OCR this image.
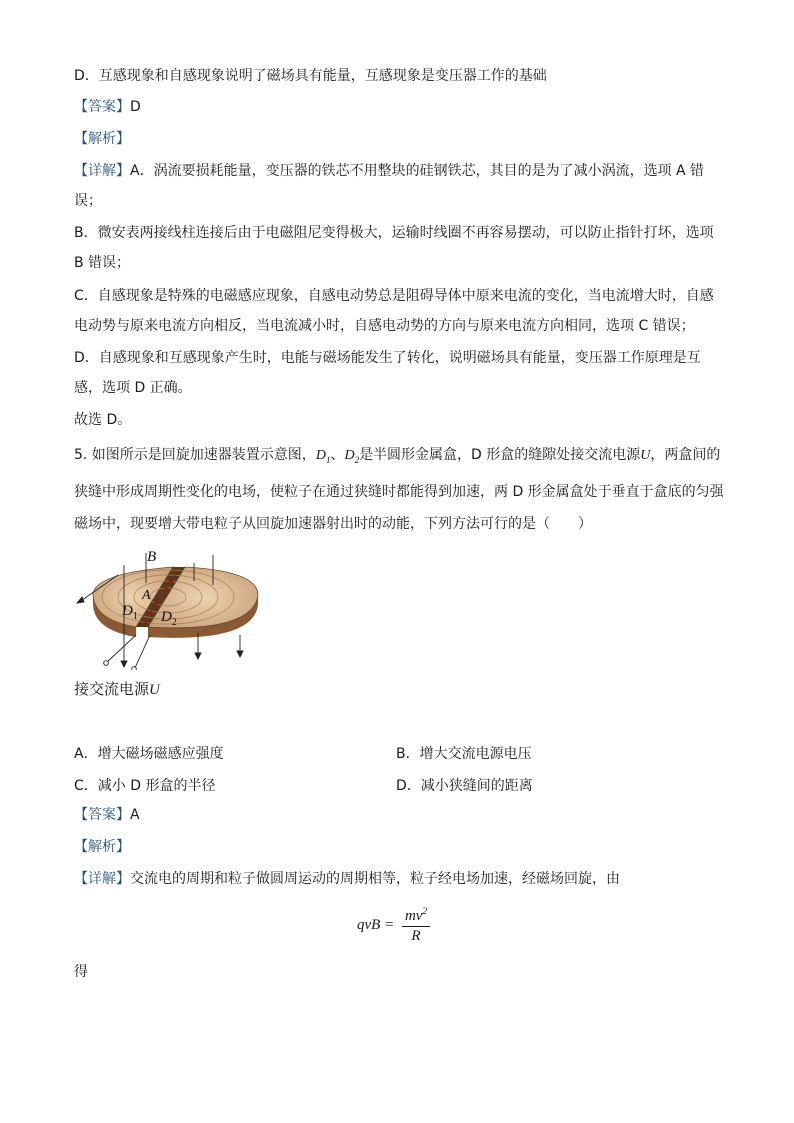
D．互感现象和自感现象说明了磁场具有能量，互感现象是变压器工作的基础
【答案】D
【解析】
【详解】A．涡流要损耗能量，变压器的铁芯不用整块的硅钢铁芯，其目的是为了减小涡流，选项 A 错
误；
B．微安表两接线柱连接后由于电磁阻尼变得极大，运输时线圈不再容易摆动，可以防止指针打坏，选项
B 错误；
C．自感现象是特殊的电磁感应现象，自感电动势总是阻碍导体中原来电流的变化，当电流增大时，自感
电动势与原来电流方向相反，当电流减小时，自感电动势的方向与原来电流方向相同，选项 C 错误；
D．自感现象和互感现象产生时，电能与磁场能发生了转化，说明磁场具有能量，变压器工作原理是互
感，选项 D 正确。
故选 D。
5. 如图所示是回旋加速器装置示意图，$D_1$、$D_2$是半圆形金属盒，D 形盒的缝隙处接交流电源U，两盒间的
狭缝中形成周期性变化的电场，使粒子在通过狭缝时都能得到加速，两 D 形金属盒处于垂直于盒底的匀强
磁场中，现要增大带电粒子从回旋加速器射出时的动能，下列方法可行的是（　　）
B
A
$D_1$ $D_2$
接交流电源U
A．增大磁场磁感应强度	B．增大交流电源电压
C．减小 D 形盒的半径	D．减小狭缝间的距离
【答案】A
【解析】
【详解】交流电的周期和粒子做圆周运动的周期相等，粒子经电场加速，经磁场回旋，由
qvB = $\frac{mv^2}{R}$
得
